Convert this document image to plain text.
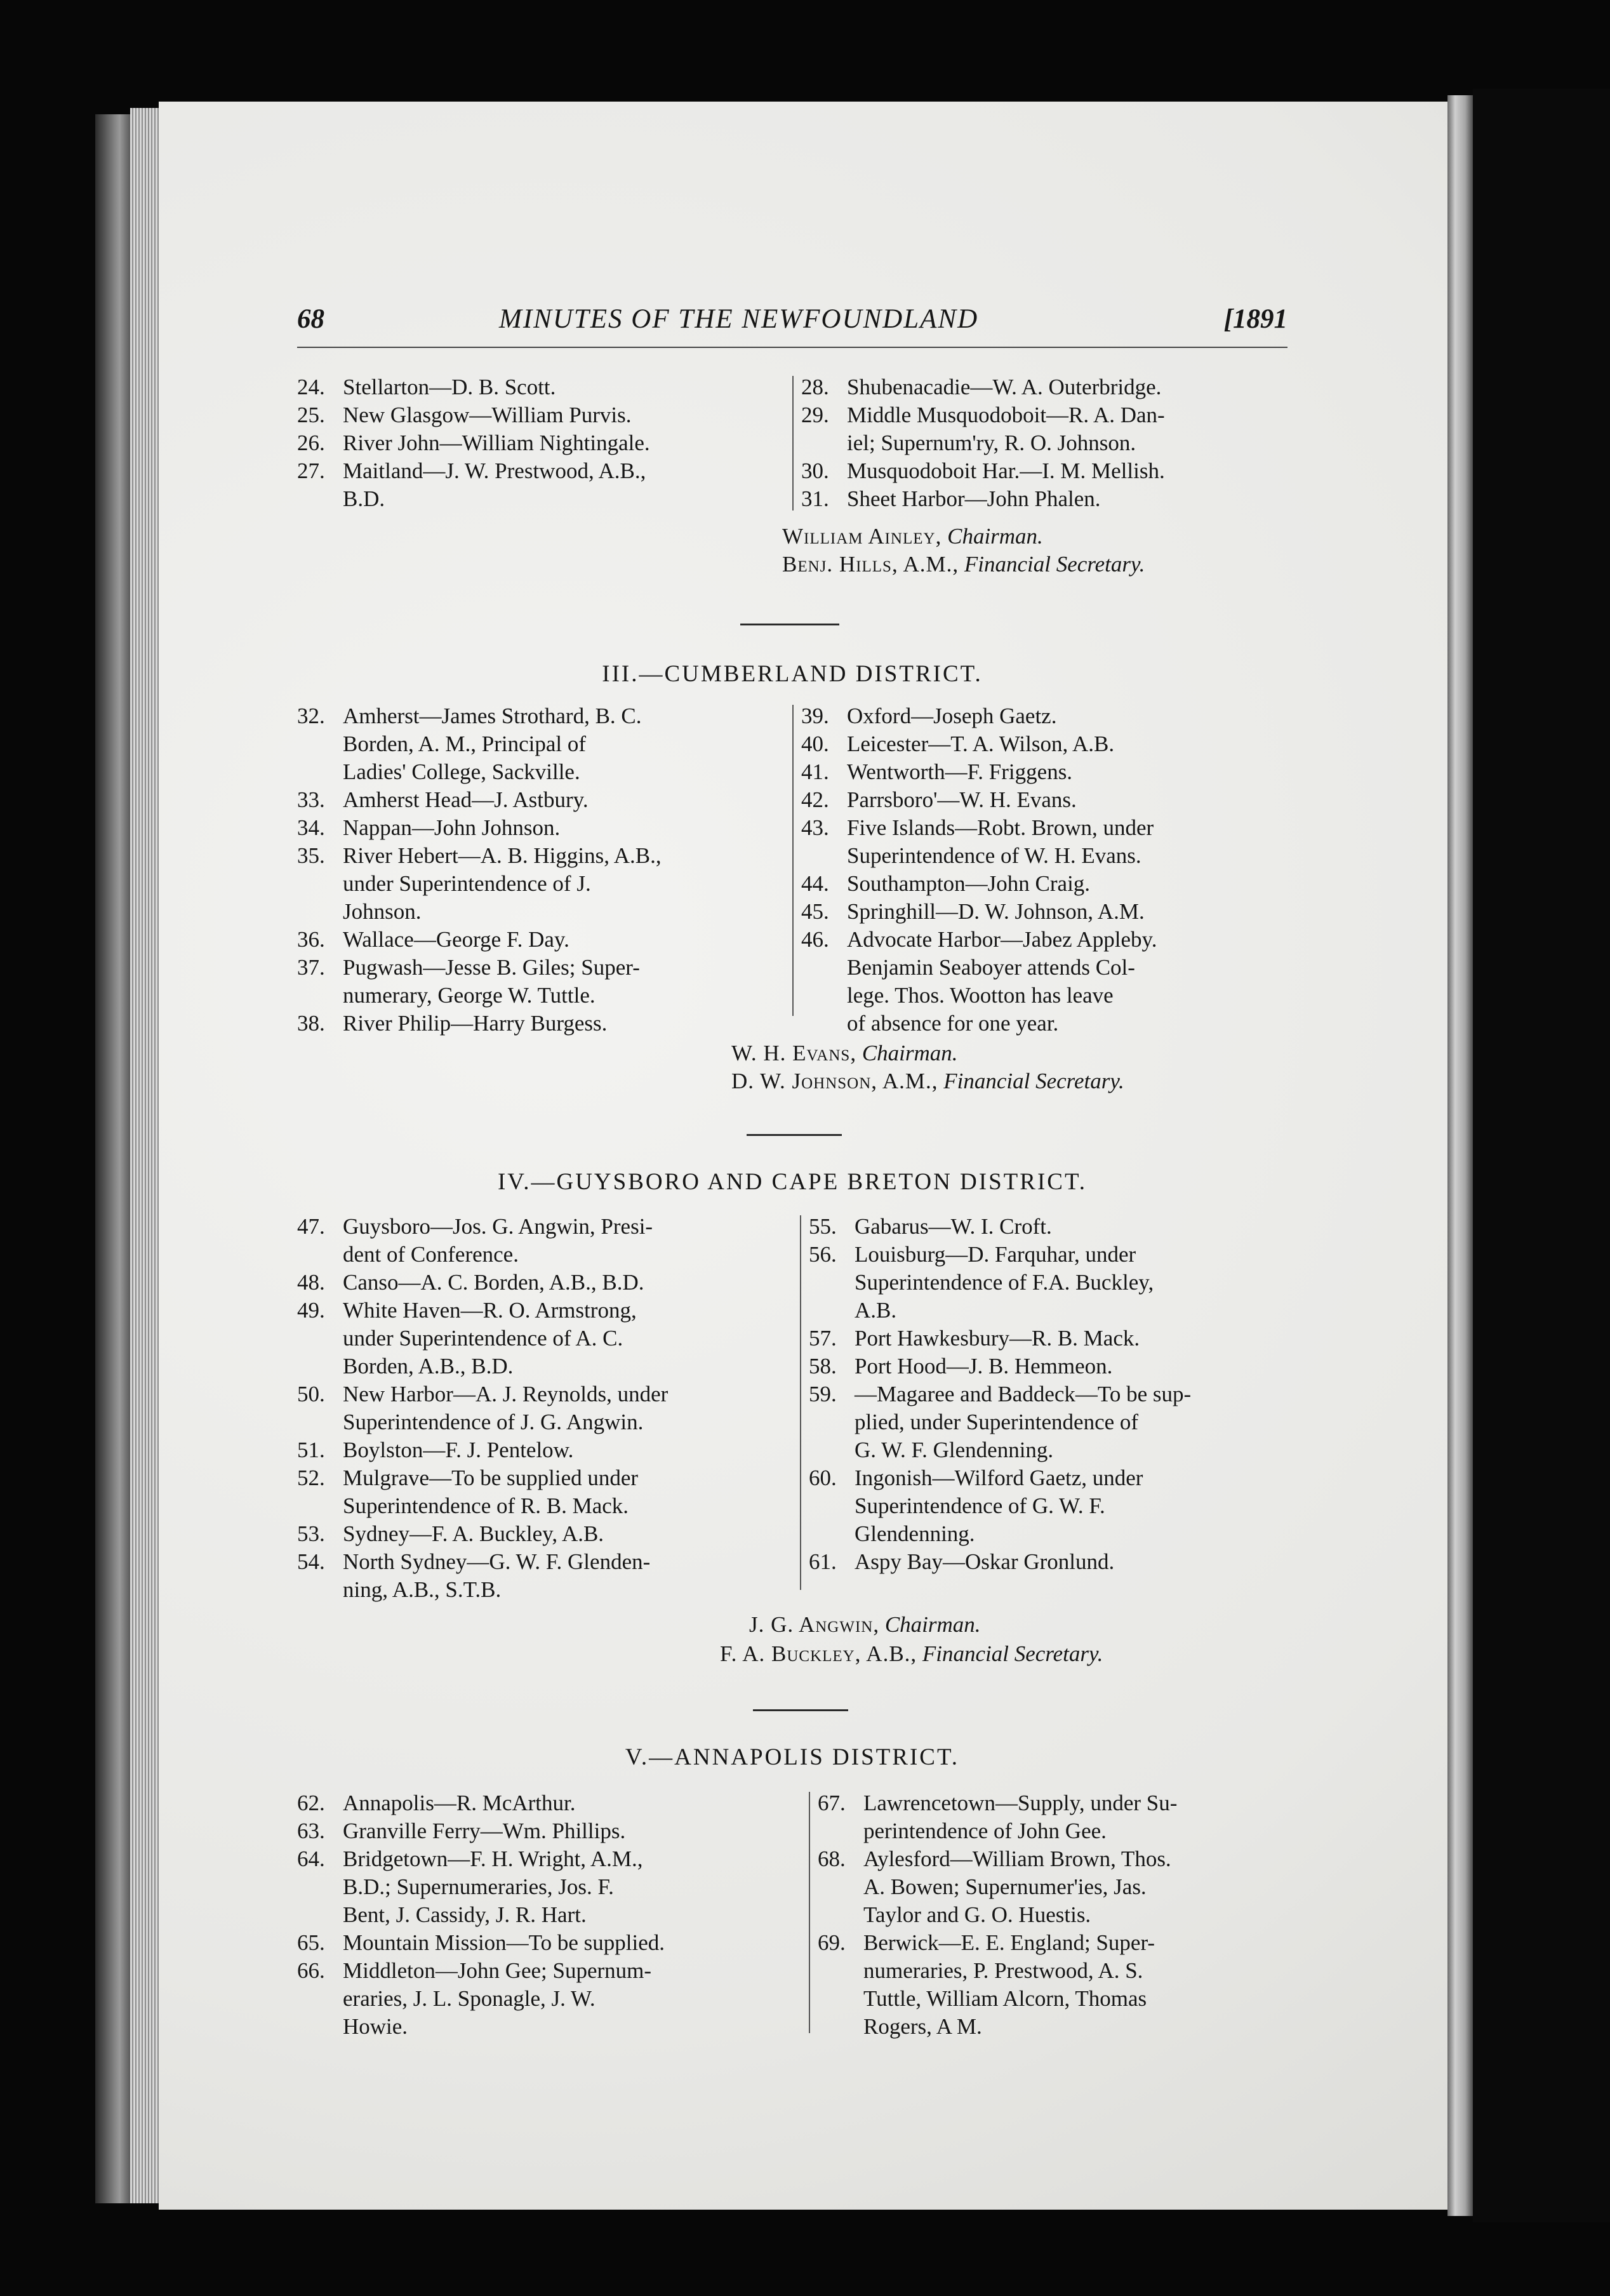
68	MINUTES OF THE NEWFOUNDLAND	[1891
24. Stellarton—D. B. Scott.
25. New Glasgow—William Purvis.
26. River John—William Nightingale.
27. Maitland—J. W. Prestwood, A.B.,
B.D.
28. Shubenacadie—W. A. Outerbridge.
29. Middle Musquodoboit—R. A. Dan-
iel; Supernum'ry, R. O. Johnson.
30. Musquodoboit Har.—I. M. Mellish.
31. Sheet Harbor—John Phalen.
William Ainley, Chairman.
Benj. Hills, A.M., Financial Secretary.
III.—CUMBERLAND DISTRICT.
32. Amherst—James Strothard, B. C.
Borden, A. M., Principal of
Ladies' College, Sackville.
33. Amherst Head—J. Astbury.
34. Nappan—John Johnson.
35. River Hebert—A. B. Higgins, A.B.,
under Superintendence of J.
Johnson.
36. Wallace—George F. Day.
37. Pugwash—Jesse B. Giles; Super-
numerary, George W. Tuttle.
38. River Philip—Harry Burgess.
39. Oxford—Joseph Gaetz.
40. Leicester—T. A. Wilson, A.B.
41. Wentworth—F. Friggens.
42. Parrsboro'—W. H. Evans.
43. Five Islands—Robt. Brown, under
Superintendence of W. H. Evans.
44. Southampton—John Craig.
45. Springhill—D. W. Johnson, A.M.
46. Advocate Harbor—Jabez Appleby.
Benjamin Seaboyer attends Col-
lege. Thos. Wootton has leave
of absence for one year.
W. H. Evans, Chairman.
D. W. Johnson, A.M., Financial Secretary.
IV.—GUYSBORO AND CAPE BRETON DISTRICT.
47. Guysboro—Jos. G. Angwin, Presi-
dent of Conference.
48. Canso—A. C. Borden, A.B., B.D.
49. White Haven—R. O. Armstrong,
under Superintendence of A. C.
Borden, A.B., B.D.
50. New Harbor—A. J. Reynolds, under
Superintendence of J. G. Angwin.
51. Boylston—F. J. Pentelow.
52. Mulgrave—To be supplied under
Superintendence of R. B. Mack.
53. Sydney—F. A. Buckley, A.B.
54. North Sydney—G. W. F. Glenden-
ning, A.B., S.T.B.
55. Gabarus—W. I. Croft.
56. Louisburg—D. Farquhar, under
Superintendence of F.A. Buckley,
A.B.
57. Port Hawkesbury—R. B. Mack.
58. Port Hood—J. B. Hemmeon.
59. —Magaree and Baddeck—To be sup-
plied, under Superintendence of
G. W. F. Glendenning.
60. Ingonish—Wilford Gaetz, under
Superintendence of G. W. F.
Glendenning.
61. Aspy Bay—Oskar Gronlund.
J. G. Angwin, Chairman.
F. A. Buckley, A.B., Financial Secretary.
V.—ANNAPOLIS DISTRICT.
62. Annapolis—R. McArthur.
63. Granville Ferry—Wm. Phillips.
64. Bridgetown—F. H. Wright, A.M.,
B.D.; Supernumeraries, Jos. F.
Bent, J. Cassidy, J. R. Hart.
65. Mountain Mission—To be supplied.
66. Middleton—John Gee; Supernum-
eraries, J. L. Sponagle, J. W.
Howie.
67. Lawrencetown—Supply, under Su-
perintendence of John Gee.
68. Aylesford—William Brown, Thos.
A. Bowen; Supernumer'ies, Jas.
Taylor and G. O. Huestis.
69. Berwick—E. E. England; Super-
numeraries, P. Prestwood, A. S.
Tuttle, William Alcorn, Thomas
Rogers, A M.
